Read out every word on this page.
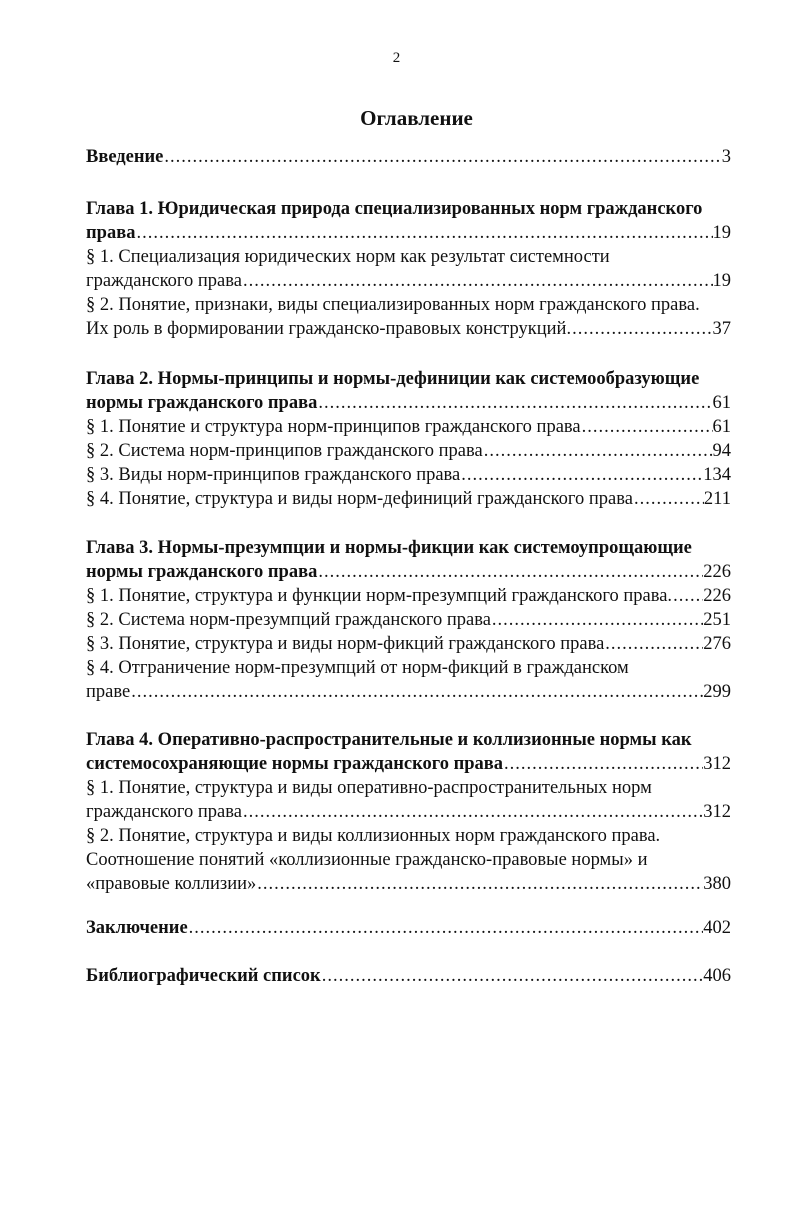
2
Оглавление
Введение .....	3
Глава 1. Юридическая природа специализированных норм гражданского
права .....	19
§ 1. Специализация юридических норм как результат системности
гражданского права .....	19
§ 2. Понятие, признаки, виды специализированных норм гражданского права.
Их роль в формировании гражданско-правовых конструкций. .....	37
Глава 2. Нормы-принципы и нормы-дефиниции как системообразующие
нормы гражданского права .....	61
§ 1. Понятие и структура норм-принципов гражданского права .....	61
§ 2. Система норм-принципов гражданского права .....	94
§ 3. Виды норм-принципов гражданского права .....	134
§ 4. Понятие, структура и виды норм-дефиниций гражданского права .....	211
Глава 3. Нормы-презумпции и нормы-фикции как системоупрощающие
нормы гражданского права .....	226
§ 1. Понятие, структура и функции норм-презумпций гражданского права. ..... 226
§ 2. Система норм-презумпций гражданского права .....	251
§ 3. Понятие, структура и виды норм-фикций гражданского права .....	276
§ 4. Отграничение норм-презумпций от норм-фикций в гражданском
праве .....	299
Глава 4. Оперативно-распространительные и коллизионные нормы как
системосохраняющие нормы гражданского права .....	312
§ 1. Понятие, структура и виды оперативно-распространительных норм
гражданского права .....	312
§ 2. Понятие, структура и виды коллизионных норм гражданского права.
Соотношение понятий «коллизионные гражданско-правовые нормы» и
«правовые коллизии» .....	380
Заключение .....	402
Библиографический список .....	406
